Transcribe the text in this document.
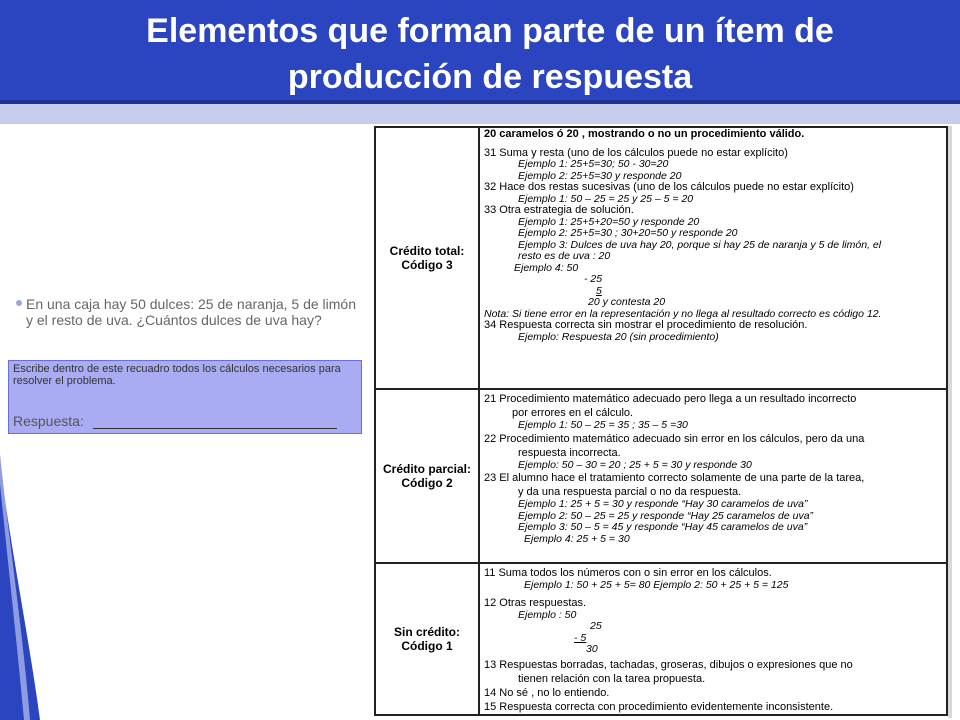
Elementos que forman parte de un ítem de producción de respuesta
En una caja hay 50 dulces: 25 de naranja, 5 de limón y el resto de uva. ¿Cuántos dulces de uva hay?
Escribe dentro de este recuadro todos los cálculos necesarios para resolver el problema.
Respuesta:
Crédito total: Código 3
20 caramelos ó 20 , mostrando o no un procedimiento válido.
31 Suma y resta (uno de los cálculos puede no estar explícito)
Ejemplo 1: 25+5=30; 50 - 30=20
Ejemplo 2: 25+5=30 y responde 20
32 Hace dos restas sucesivas (uno de los cálculos puede no estar explícito)
Ejemplo 1: 50 – 25 = 25 y 25 – 5 = 20
33 Otra estrategia de solución.
Ejemplo 1: 25+5+20=50 y responde 20
Ejemplo 2: 25+5=30 ; 30+20=50 y responde 20
Ejemplo 3: Dulces de uva hay 20, porque si hay 25 de naranja y 5 de limón, el
resto es de uva : 20
Ejemplo 4: 50
- 25
5
20 y contesta 20
Nota: Si tiene error en la representación y no llega al resultado correcto es código 12.
34 Respuesta correcta sin mostrar el procedimiento de resolución.
Ejemplo: Respuesta 20 (sin procedimiento)
Crédito parcial: Código 2
21 Procedimiento matemático adecuado pero llega a un resultado incorrecto
por errores en el cálculo.
Ejemplo 1: 50 – 25 = 35 ; 35 – 5 =30
22 Procedimiento matemático adecuado sin error en los cálculos, pero da una
respuesta incorrecta.
Ejemplo: 50 – 30 = 20 ; 25 + 5 = 30 y responde 30
23 El alumno hace el tratamiento correcto solamente de una parte de la tarea,
y da una respuesta parcial o no da respuesta.
Ejemplo 1: 25 + 5 = 30 y responde “Hay 30 caramelos de uva”
Ejemplo 2: 50 – 25 = 25 y responde “Hay 25 caramelos de uva”
Ejemplo 3: 50 – 5 = 45 y responde “Hay 45 caramelos de uva”
Ejemplo 4: 25 + 5 = 30
Sin crédito: Código 1
11 Suma todos los números con o sin error en los cálculos.
Ejemplo 1: 50 + 25 + 5= 80 Ejemplo 2: 50 + 25 + 5 = 125
12 Otras respuestas.
Ejemplo : 50
25
- 5
30
13 Respuestas borradas, tachadas, groseras, dibujos o expresiones que no
tienen relación con la tarea propuesta.
14 No sé , no lo entiendo.
15 Respuesta correcta con procedimiento evidentemente inconsistente.
